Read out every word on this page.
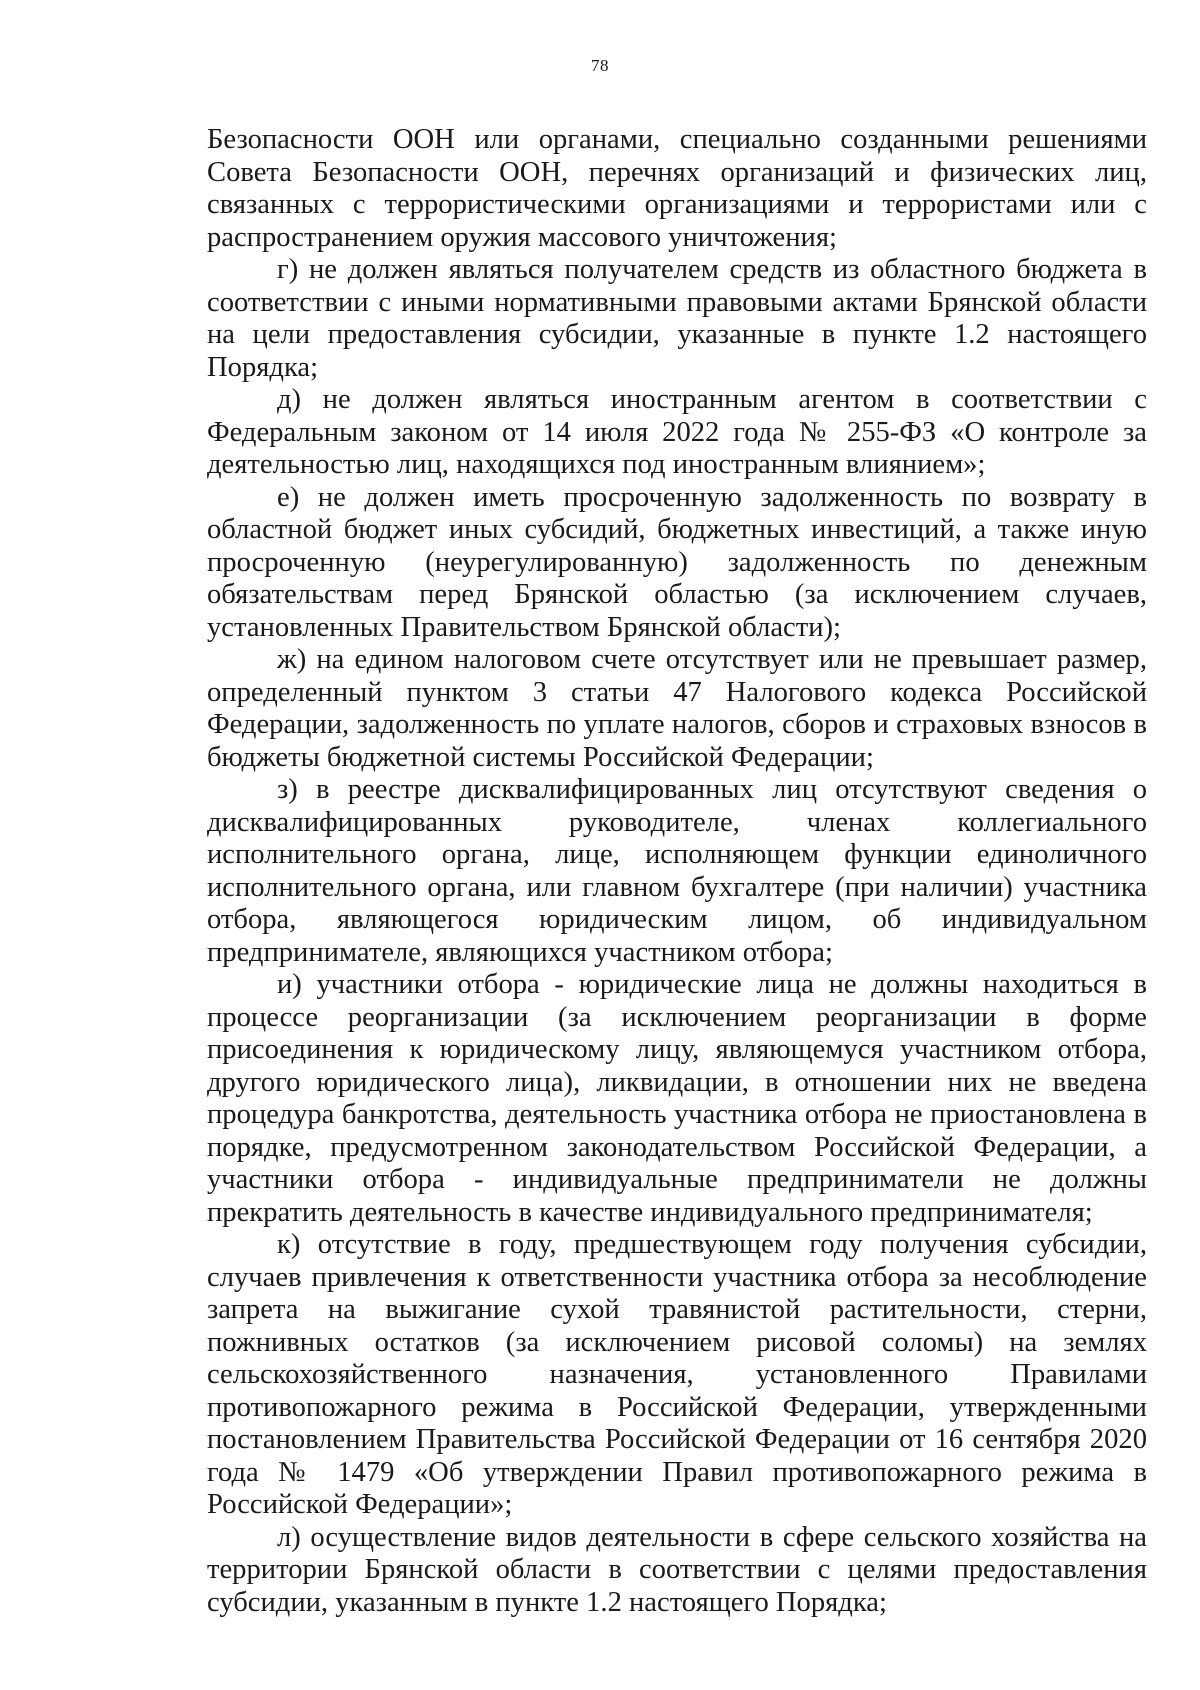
78

Безопасности ООН или органами, специально созданными решениями Совета Безопасности ООН, перечнях организаций и физических лиц, связанных с террористическими организациями и террористами или с распространением оружия массового уничтожения;

г) не должен являться получателем средств из областного бюджета в соответствии с иными нормативными правовыми актами Брянской области на цели предоставления субсидии, указанные в пункте 1.2 настоящего Порядка;

д) не должен являться иностранным агентом в соответствии с Федеральным законом от 14 июля 2022 года № 255-ФЗ «О контроле за деятельностью лиц, находящихся под иностранным влиянием»;

е) не должен иметь просроченную задолженность по возврату в областной бюджет иных субсидий, бюджетных инвестиций, а также иную просроченную (неурегулированную) задолженность по денежным обязательствам перед Брянской областью (за исключением случаев, установленных Правительством Брянской области);

ж) на едином налоговом счете отсутствует или не превышает размер, определенный пунктом 3 статьи 47 Налогового кодекса Российской Федерации, задолженность по уплате налогов, сборов и страховых взносов в бюджеты бюджетной системы Российской Федерации;

з) в реестре дисквалифицированных лиц отсутствуют сведения о дисквалифицированных руководителе, членах коллегиального исполнительного органа, лице, исполняющем функции единоличного исполнительного органа, или главном бухгалтере (при наличии) участника отбора, являющегося юридическим лицом, об индивидуальном предпринимателе, являющихся участником отбора;

и) участники отбора - юридические лица не должны находиться в процессе реорганизации (за исключением реорганизации в форме присоединения к юридическому лицу, являющемуся участником отбора, другого юридического лица), ликвидации, в отношении них не введена процедура банкротства, деятельность участника отбора не приостановлена в порядке, предусмотренном законодательством Российской Федерации, а участники отбора - индивидуальные предприниматели не должны прекратить деятельность в качестве индивидуального предпринимателя;

к) отсутствие в году, предшествующем году получения субсидии, случаев привлечения к ответственности участника отбора за несоблюдение запрета на выжигание сухой травянистой растительности, стерни, пожнивных остатков (за исключением рисовой соломы) на землях сельскохозяйственного назначения, установленного Правилами противопожарного режима в Российской Федерации, утвержденными постановлением Правительства Российской Федерации от 16 сентября 2020 года № 1479 «Об утверждении Правил противопожарного режима в Российской Федерации»;

л) осуществление видов деятельности в сфере сельского хозяйства на территории Брянской области в соответствии с целями предоставления субсидии, указанным в пункте 1.2 настоящего Порядка;
